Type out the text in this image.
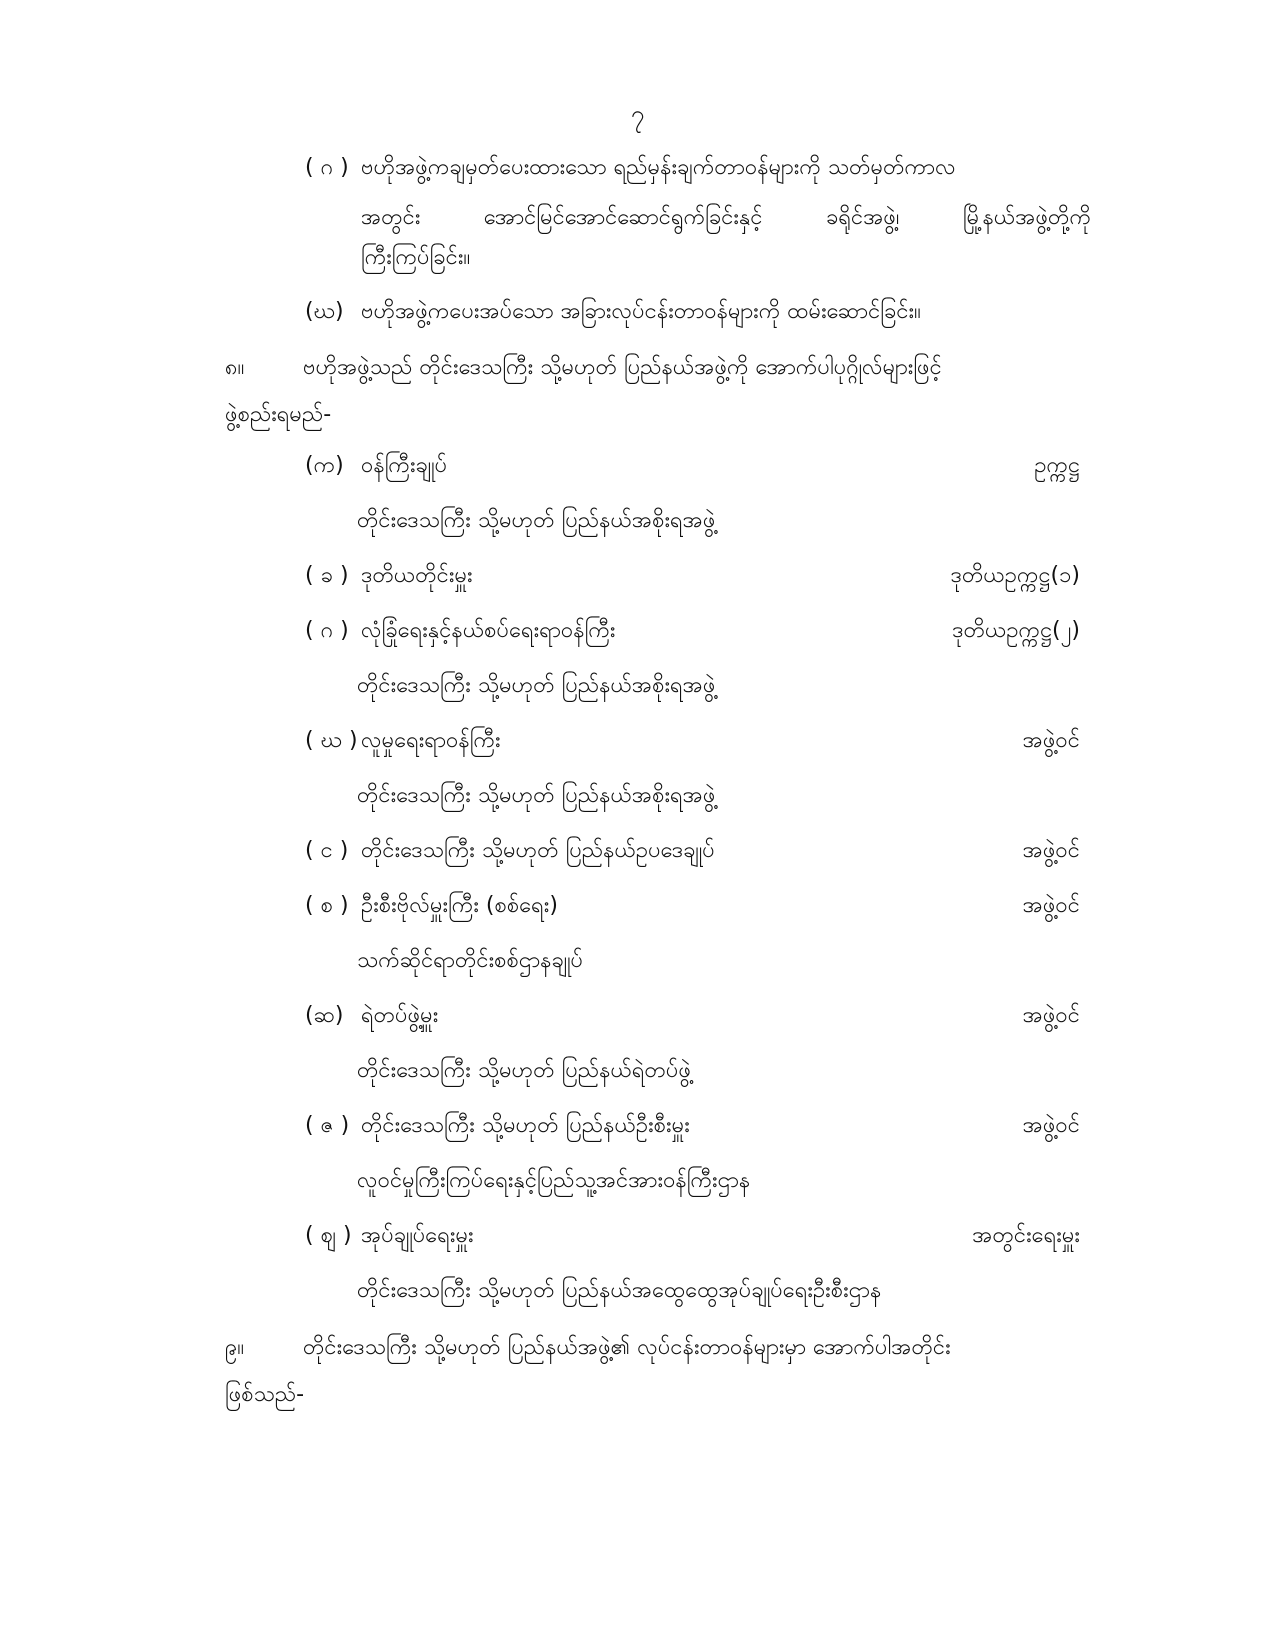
၇
( ဂ ) ဗဟိုအဖွဲ့ကချမှတ်ပေးထားသော ရည်မှန်းချက်တာဝန်များကို သတ်မှတ်ကာလ
အတွင်း အောင်မြင်အောင်ဆောင်ရွက်ခြင်းနှင့် ခရိုင်အဖွဲ့၊ မြို့နယ်အဖွဲ့တို့ကို
ကြီးကြပ်ခြင်း။
(ဃ) ဗဟိုအဖွဲ့ကပေးအပ်သော အခြားလုပ်ငန်းတာဝန်များကို ထမ်းဆောင်ခြင်း။
၈။	ဗဟိုအဖွဲ့သည် တိုင်းဒေသကြီး သို့မဟုတ် ပြည်နယ်အဖွဲ့ကို အောက်ပါပုဂ္ဂိုလ်များဖြင့်
ဖွဲ့စည်းရမည်-
(က) ဝန်ကြီးချုပ်	ဥက္ကဋ္ဌ
တိုင်းဒေသကြီး သို့မဟုတ် ပြည်နယ်အစိုးရအဖွဲ့
( ခ ) ဒုတိယတိုင်းမှူး	ဒုတိယဥက္ကဋ္ဌ(၁)
( ဂ ) လုံခြုံရေးနှင့်နယ်စပ်ရေးရာဝန်ကြီး	ဒုတိယဥက္ကဋ္ဌ(၂)
တိုင်းဒေသကြီး သို့မဟုတ် ပြည်နယ်အစိုးရအဖွဲ့
( ဃ ) လူမှုရေးရာဝန်ကြီး	အဖွဲ့ဝင်
တိုင်းဒေသကြီး သို့မဟုတ် ပြည်နယ်အစိုးရအဖွဲ့
( င ) တိုင်းဒေသကြီး သို့မဟုတ် ပြည်နယ်ဥပဒေချုပ်	အဖွဲ့ဝင်
( စ ) ဦးစီးဗိုလ်မှူးကြီး (စစ်ရေး)	အဖွဲ့ဝင်
သက်ဆိုင်ရာတိုင်းစစ်ဌာနချုပ်
(ဆ) ရဲတပ်ဖွဲ့မှူး	အဖွဲ့ဝင်
တိုင်းဒေသကြီး သို့မဟုတ် ပြည်နယ်ရဲတပ်ဖွဲ့
( ဇ ) တိုင်းဒေသကြီး သို့မဟုတ် ပြည်နယ်ဦးစီးမှူး	အဖွဲ့ဝင်
လူဝင်မှုကြီးကြပ်ရေးနှင့်ပြည်သူ့အင်အားဝန်ကြီးဌာန
( ဈ ) အုပ်ချုပ်ရေးမှူး	အတွင်းရေးမှူး
တိုင်းဒေသကြီး သို့မဟုတ် ပြည်နယ်အထွေထွေအုပ်ချုပ်ရေးဦးစီးဌာန
၉။	တိုင်းဒေသကြီး သို့မဟုတ် ပြည်နယ်အဖွဲ့၏ လုပ်ငန်းတာဝန်များမှာ အောက်ပါအတိုင်း
ဖြစ်သည်-
